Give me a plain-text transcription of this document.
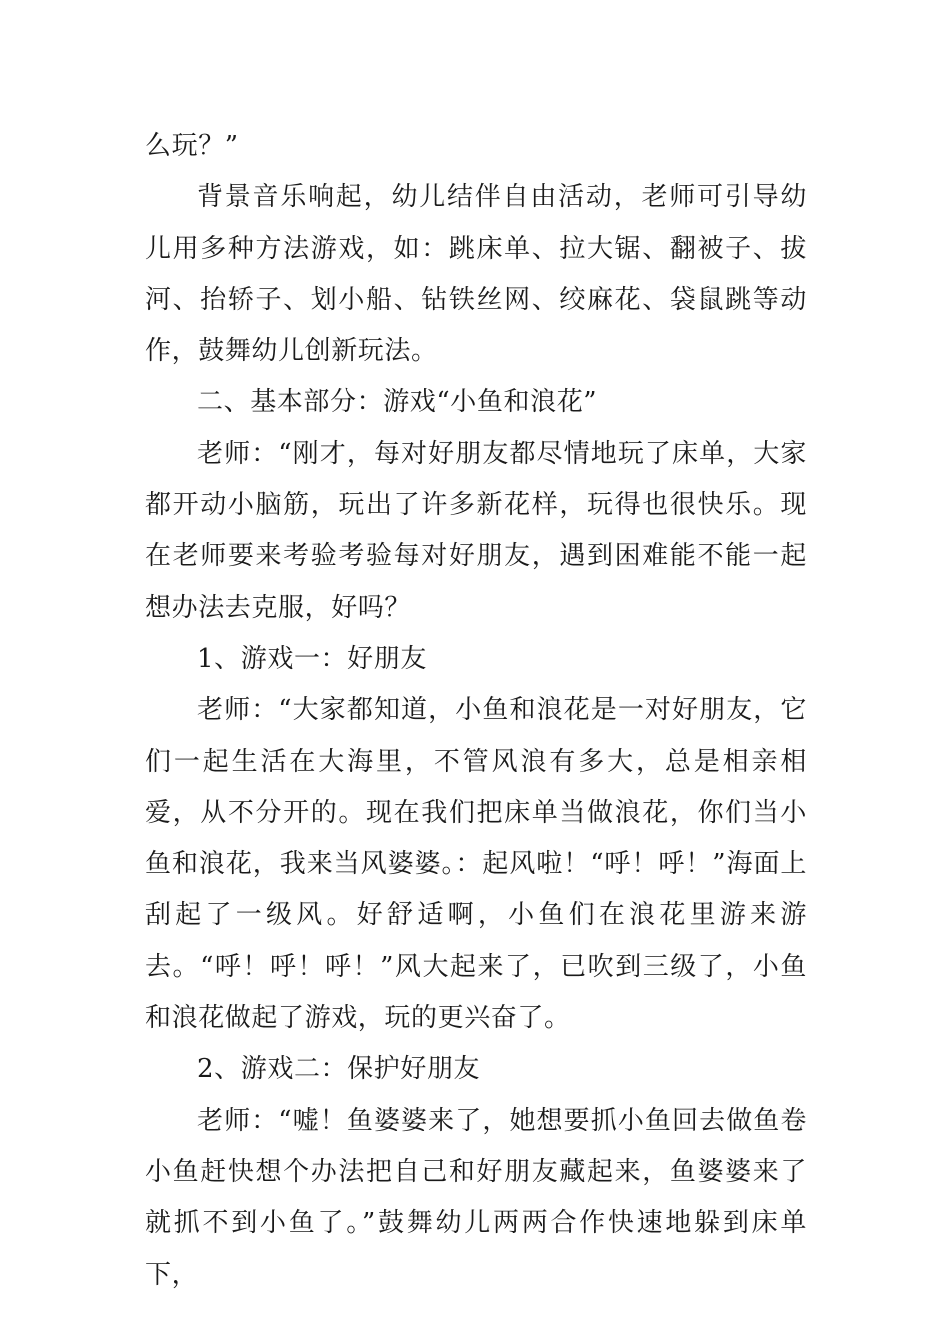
么玩？”

背景音乐响起，幼儿结伴自由活动，老师可引导幼儿用多种方法游戏，如：跳床单、拉大锯、翻被子、拔河、抬轿子、划小船、钻铁丝网、绞麻花、袋鼠跳等动作，鼓舞幼儿创新玩法。

二、基本部分：游戏“小鱼和浪花”

老师：“刚才，每对好朋友都尽情地玩了床单，大家都开动小脑筋，玩出了许多新花样，玩得也很快乐。现在老师要来考验考验每对好朋友，遇到困难能不能一起想办法去克服，好吗？

1、游戏一：好朋友

老师：“大家都知道，小鱼和浪花是一对好朋友，它们一起生活在大海里，不管风浪有多大，总是相亲相爱，从不分开的。现在我们把床单当做浪花，你们当小鱼和浪花，我来当风婆婆。：起风啦！“呼！呼！”海面上刮起了一级风。好舒适啊，小鱼们在浪花里游来游去。“呼！呼！呼！”风大起来了，已吹到三级了，小鱼和浪花做起了游戏，玩的更兴奋了。

2、游戏二：保护好朋友

老师：“嘘！鱼婆婆来了，她想要抓小鱼回去做鱼卷小鱼赶快想个办法把自己和好朋友藏起来，鱼婆婆来了就抓不到小鱼了。”鼓舞幼儿两两合作快速地躲到床单下，
